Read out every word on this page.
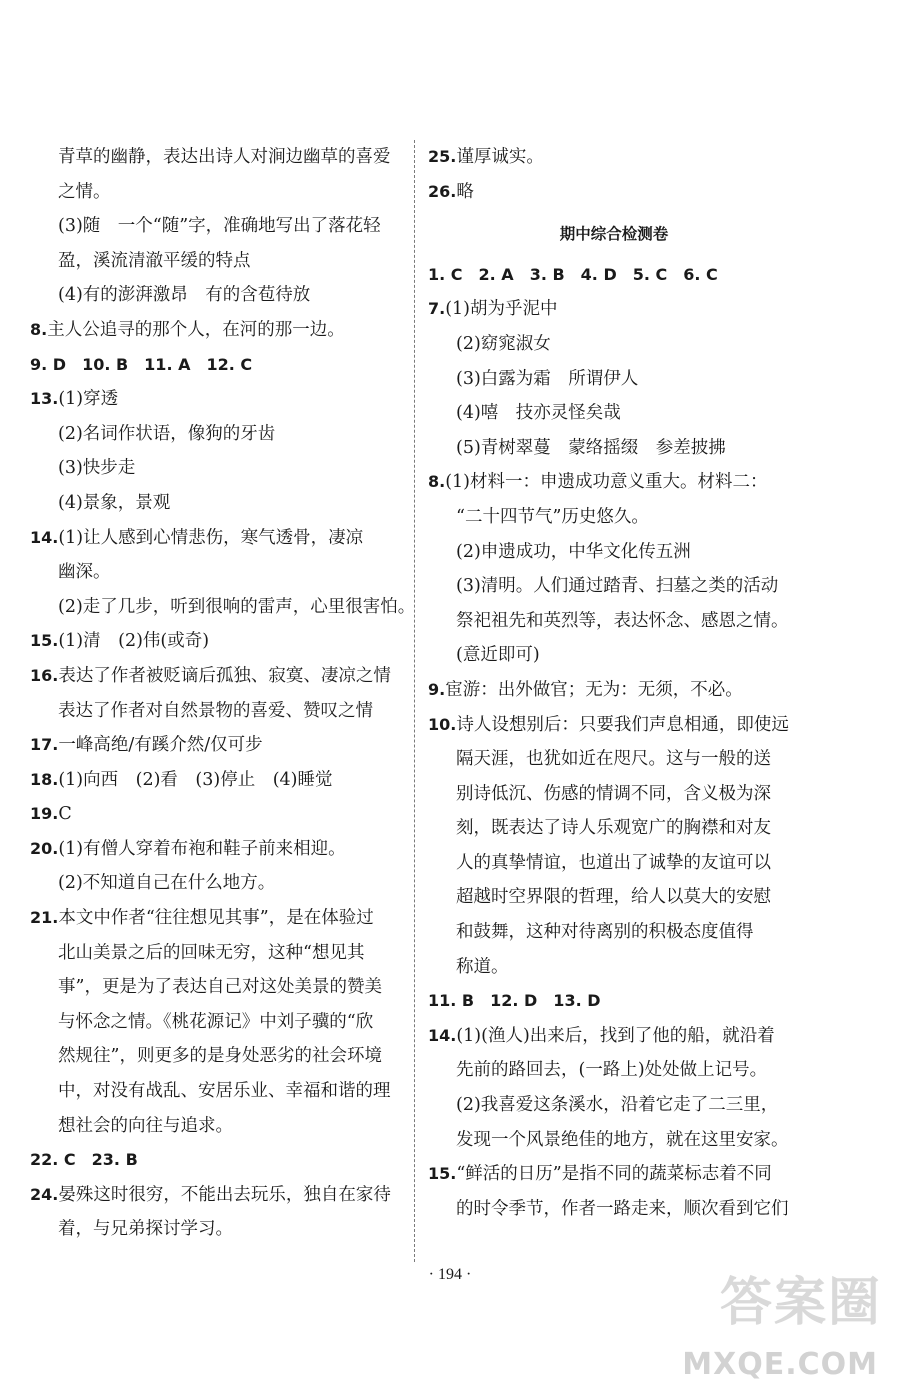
青草的幽静，表达出诗人对涧边幽草的喜爱
之情。
(3)随　一个“随”字，准确地写出了落花轻
盈，溪流清澈平缓的特点
(4)有的澎湃激昂　有的含苞待放
8.主人公追寻的那个人，在河的那一边。
9. D　10. B　11. A　12. C
13.(1)穿透
(2)名词作状语，像狗的牙齿
(3)快步走
(4)景象，景观
14.(1)让人感到心情悲伤，寒气透骨，凄凉
幽深。
(2)走了几步，听到很响的雷声，心里很害怕。
15.(1)清　(2)伟(或奇)
16.表达了作者被贬谪后孤独、寂寞、凄凉之情
表达了作者对自然景物的喜爱、赞叹之情
17.一峰高绝/有蹊介然/仅可步
18.(1)向西　(2)看　(3)停止　(4)睡觉
19.C
20.(1)有僧人穿着布袍和鞋子前来相迎。
(2)不知道自己在什么地方。
21.本文中作者“往往想见其事”，是在体验过
北山美景之后的回味无穷，这种“想见其
事”，更是为了表达自己对这处美景的赞美
与怀念之情。《桃花源记》中刘子骥的“欣
然规往”，则更多的是身处恶劣的社会环境
中，对没有战乱、安居乐业、幸福和谐的理
想社会的向往与追求。
22. C　23. B
24.晏殊这时很穷，不能出去玩乐，独自在家待
着，与兄弟探讨学习。
25.谨厚诚实。
26.略
期中综合检测卷
1. C　2. A　3. B　4. D　5. C　6. C
7.(1)胡为乎泥中
(2)窈窕淑女
(3)白露为霜　所谓伊人
(4)嘻　技亦灵怪矣哉
(5)青树翠蔓　蒙络摇缀　参差披拂
8.(1)材料一：申遗成功意义重大。材料二：
“二十四节气”历史悠久。
(2)申遗成功，中华文化传五洲
(3)清明。人们通过踏青、扫墓之类的活动
祭祀祖先和英烈等，表达怀念、感恩之情。
(意近即可)
9.宦游：出外做官；无为：无须，不必。
10.诗人设想别后：只要我们声息相通，即使远
隔天涯，也犹如近在咫尺。这与一般的送
别诗低沉、伤感的情调不同，含义极为深
刻，既表达了诗人乐观宽广的胸襟和对友
人的真挚情谊，也道出了诚挚的友谊可以
超越时空界限的哲理，给人以莫大的安慰
和鼓舞，这种对待离别的积极态度值得
称道。
11. B　12. D　13. D
14.(1)(渔人)出来后，找到了他的船，就沿着
先前的路回去，(一路上)处处做上记号。
(2)我喜爱这条溪水，沿着它走了二三里，
发现一个风景绝佳的地方，就在这里安家。
15.“鲜活的日历”是指不同的蔬菜标志着不同
的时令季节，作者一路走来，顺次看到它们
· 194 ·	答案圈
MXQE.COM
